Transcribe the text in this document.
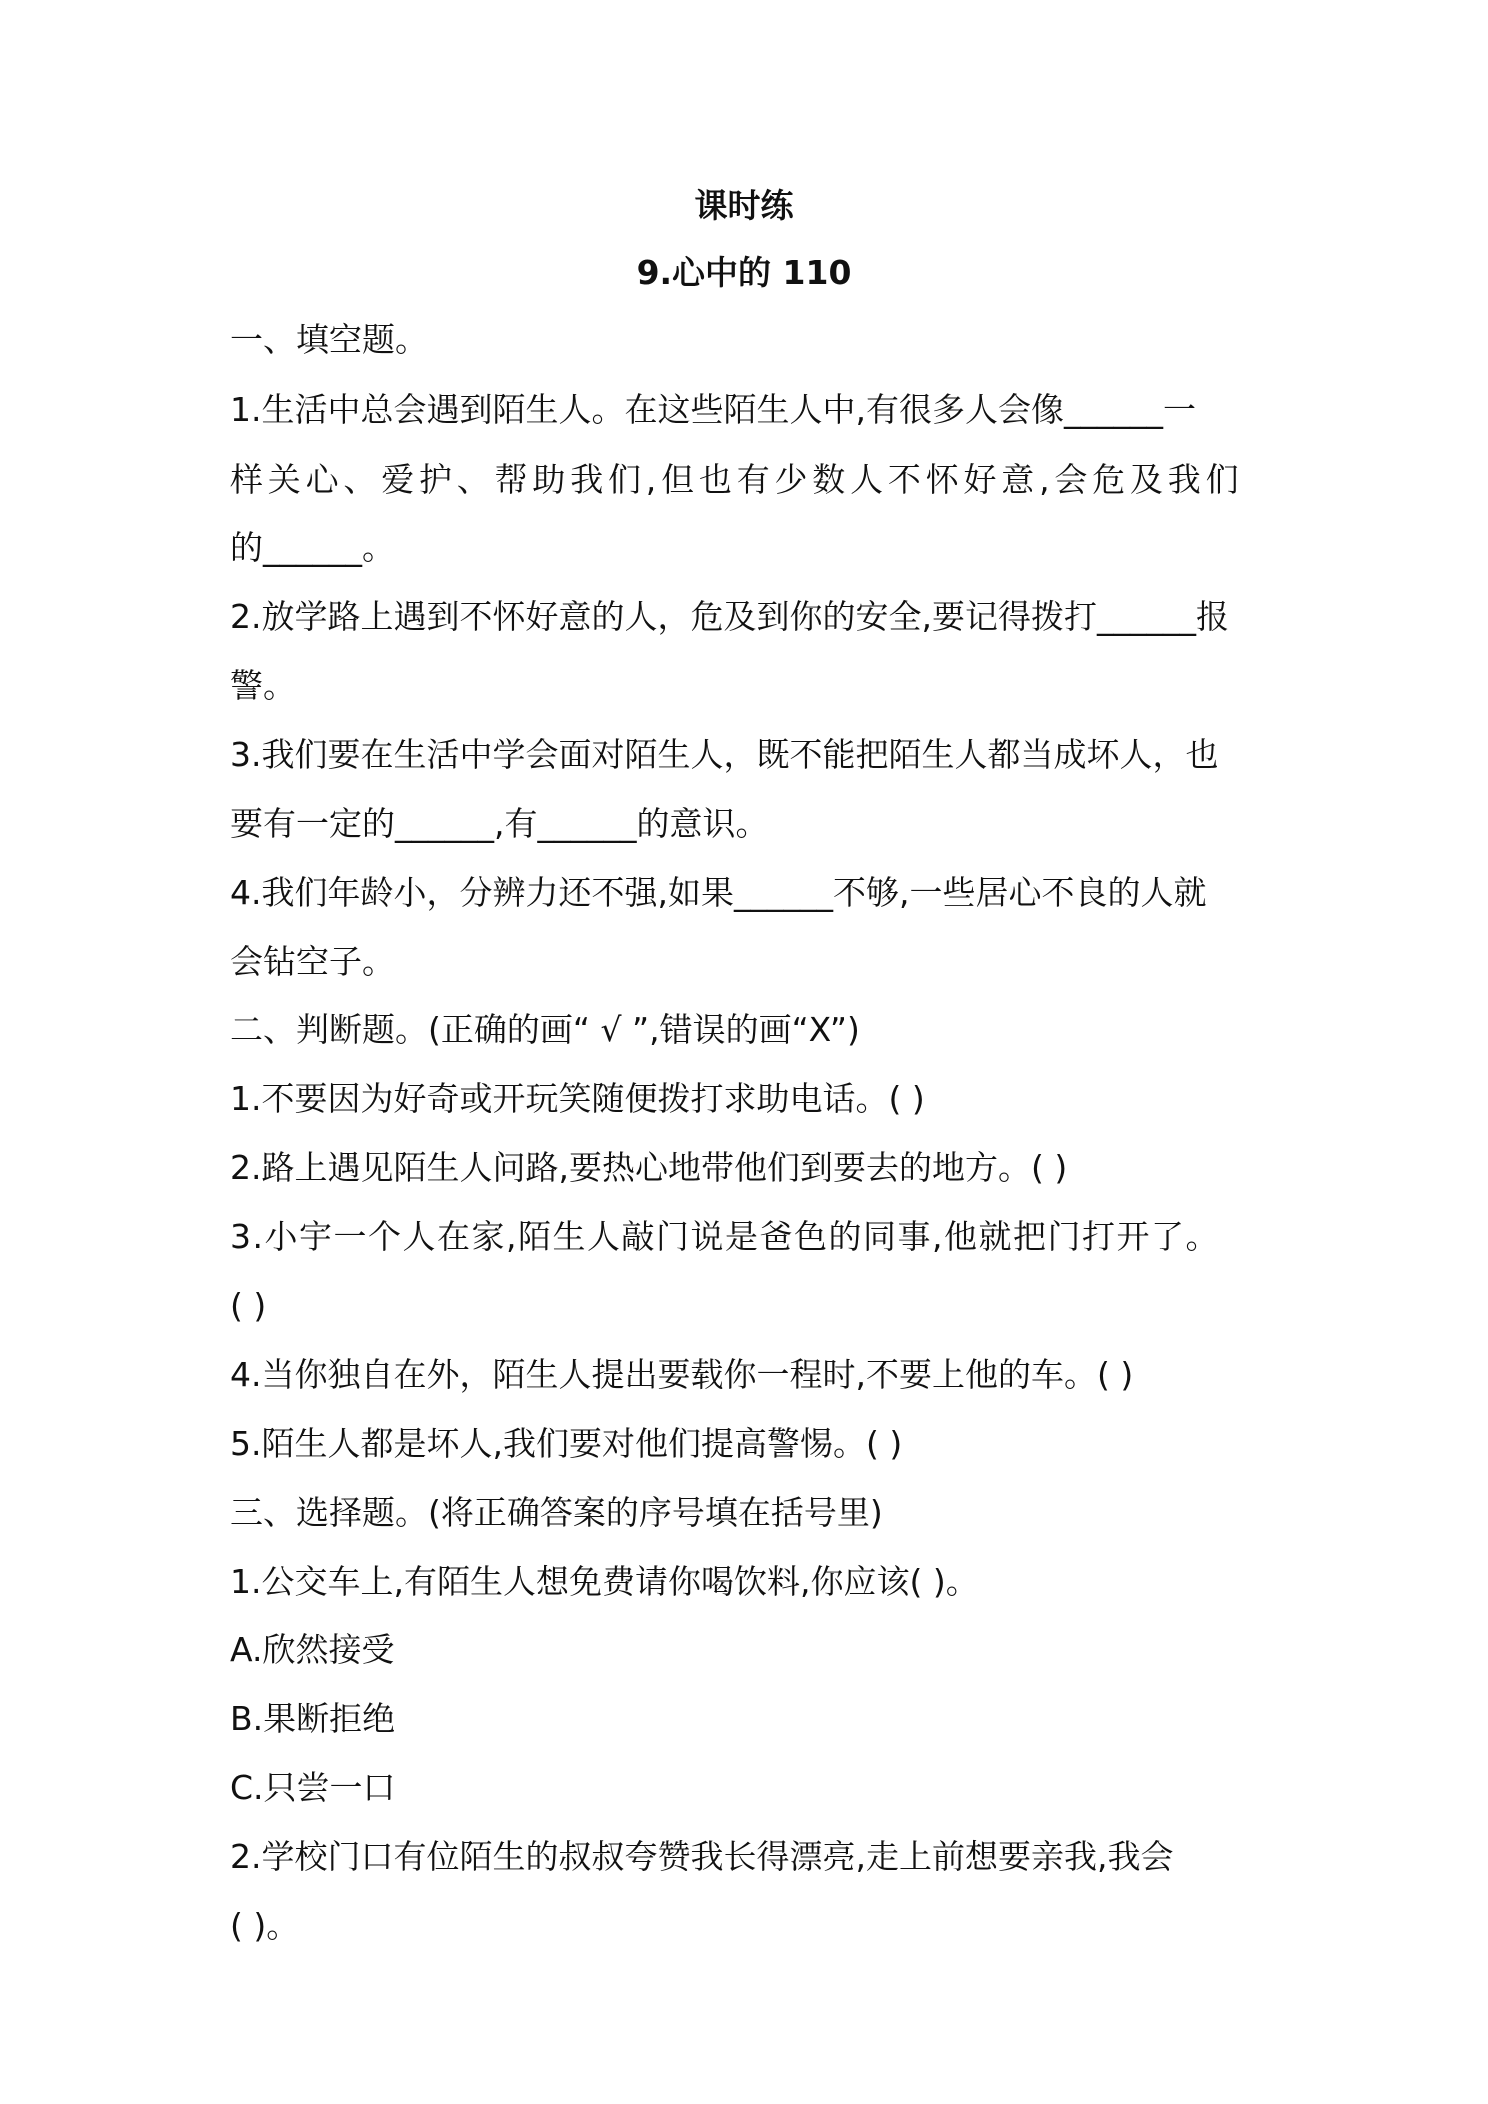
课时练
9.心中的 110
一、填空题。
1.生活中总会遇到陌生人。在这些陌生人中,有很多人会像______一
样关心、爱护、帮助我们,但也有少数人不怀好意,会危及我们
的______。
2.放学路上遇到不怀好意的人，危及到你的安全,要记得拨打______报
警。
3.我们要在生活中学会面对陌生人，既不能把陌生人都当成坏人，也
要有一定的______,有______的意识。
4.我们年龄小，分辨力还不强,如果______不够,一些居心不良的人就
会钻空子。
二、判断题。(正确的画“ √ ”,错误的画“X”)
1.不要因为好奇或开玩笑随便拨打求助电话。( )
2.路上遇见陌生人问路,要热心地带他们到要去的地方。( )
3.小宇一个人在家,陌生人敲门说是爸色的同事,他就把门打开了。
( )
4.当你独自在外，陌生人提出要载你一程时,不要上他的车。( )
5.陌生人都是坏人,我们要对他们提高警惕。( )
三、选择题。(将正确答案的序号填在括号里)
1.公交车上,有陌生人想免费请你喝饮料,你应该( )。
A.欣然接受
B.果断拒绝
C.只尝一口
2.学校门口有位陌生的叔叔夸赞我长得漂亮,走上前想要亲我,我会
( )。
